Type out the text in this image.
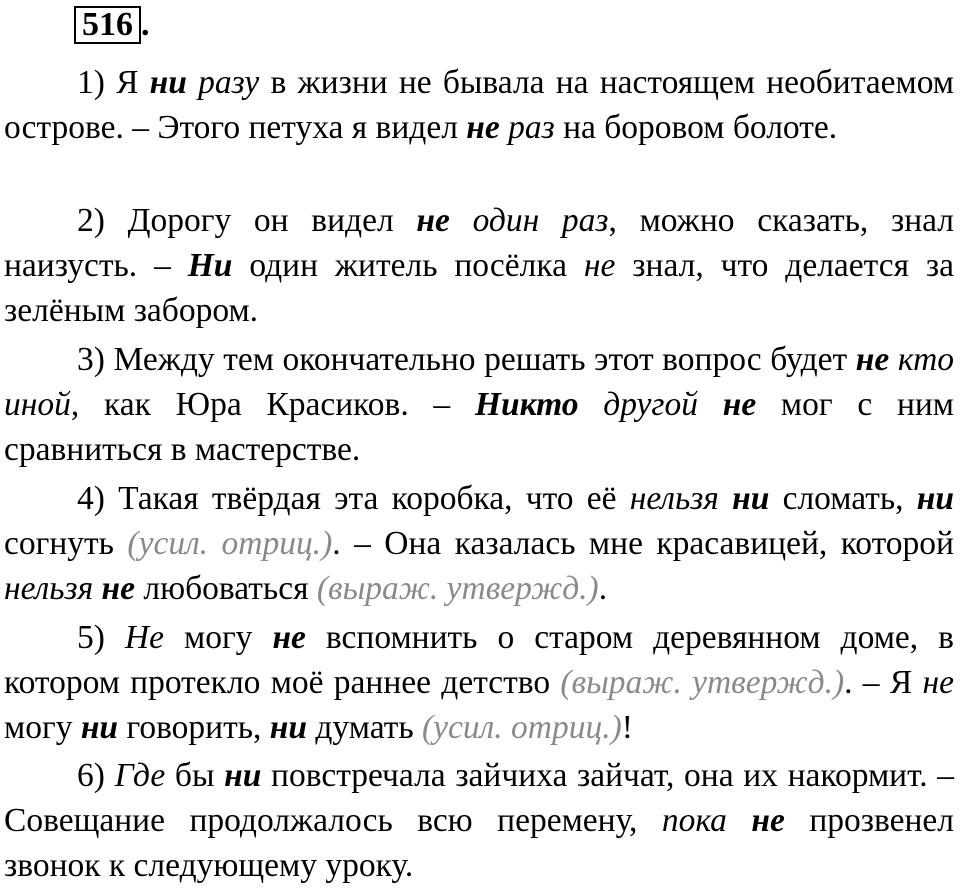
516 .

1) Я ни разу в жизни не бывала на настоящем необитаемом острове. – Этого петуха я видел не раз на боровом болоте.

2) Дорогу он видел не один раз, можно сказать, знал наизусть. – Ни один житель посёлка не знал, что делается за зелёным забором.

3) Между тем окончательно решать этот вопрос будет не кто иной, как Юра Красиков. – Никто другой не мог с ним сравниться в мастерстве.

4) Такая твёрдая эта коробка, что её нельзя ни сломать, ни согнуть (усил. отриц.). – Она казалась мне красавицей, которой нельзя не любоваться (выраж. утвержд.).

5) Не могу не вспомнить о старом деревянном доме, в котором протекло моё раннее детство (выраж. утвержд.). – Я не могу ни говорить, ни думать (усил. отриц.)!

6) Где бы ни повстречала зайчиха зайчат, она их накормит. – Совещание продолжалось всю перемену, пока не прозвенел звонок к следующему уроку.
